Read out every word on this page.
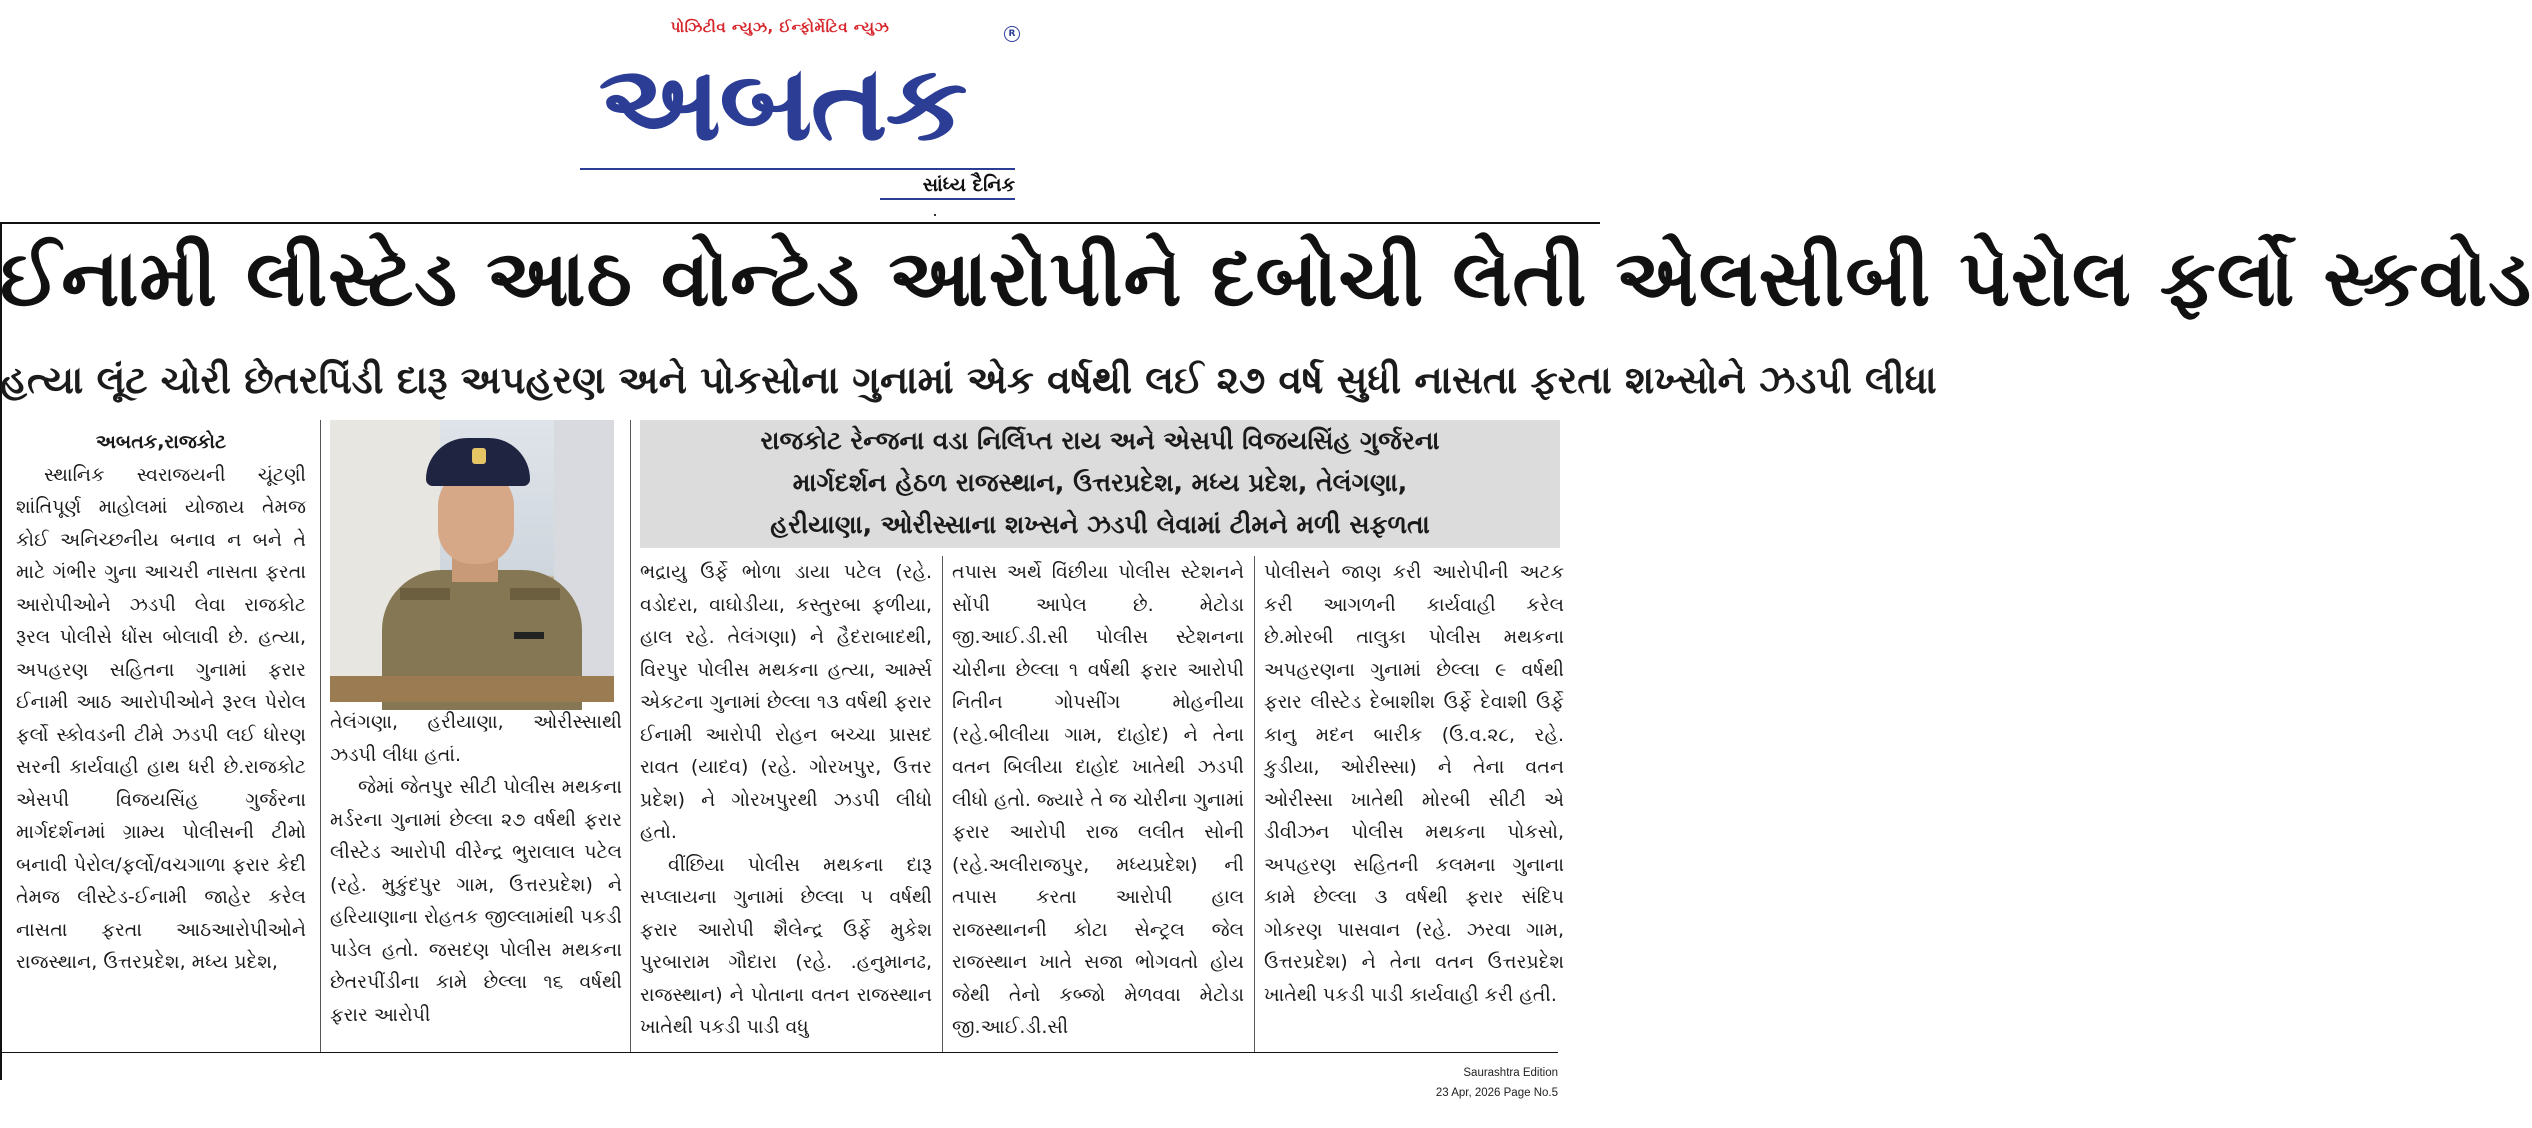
પોઝિટીવ ન્યુઝ, ઈન્ફોર્મેટિવ ન્યુઝ
અબતક
R
સાંધ્ય દૈનિક
ઈનામી લીસ્ટેડ આઠ વોન્ટેડ આરોપીને દબોચી લેતી એલસીબી પેરોલ ફર્લો સ્કવોડ
હત્યા લૂંટ ચોરી છેતરપિંડી દારૂ અપહરણ અને પોકસોના ગુનામાં એક વર્ષથી લઈ ૨૭ વર્ષ સુધી નાસતા ફરતા શખ્સોને ઝડપી લીધા
અબતક,રાજકોટ
સ્થાનિક સ્વરાજયની ચૂંટણી શાંતિપૂર્ણ માહોલમાં યોજાય તેમજ કોઈ અનિચ્છનીય બનાવ ન બને તે માટે ગંભીર ગુના આચરી નાસતા ફરતા આરોપીઓને ઝડપી લેવા રાજકોટ રૂરલ પોલીસે ધોંસ બોલાવી છે. હત્યા, અપહરણ સહિતના ગુનામાં ફરાર ઈનામી આઠ આરોપીઓને રૂરલ પેરોલ ફર્લો સ્કોવડની ટીમે ઝડપી લઈ ધોરણ સરની કાર્યવાહી હાથ ધરી છે.રાજકોટ એસપી વિજયસિંહ ગુર્જરના માર્ગદર્શનમાં ગ્રામ્ય પોલીસની ટીમો બનાવી પેરોલ/ફર્લો/વચગાળા ફરાર કેદી તેમજ લીસ્ટેડ-ઈનામી જાહેર કરેલ નાસતા ફરતા આઠઆરોપીઓને રાજસ્થાન, ઉત્તરપ્રદેશ, મધ્ય પ્રદેશ,
તેલંગણા, હરીયાણા, ઓરીસ્સાથી ઝડપી લીધા હતાં.
જેમાં જેતપુર સીટી પોલીસ મથકના મર્ડરના ગુનામાં છેલ્લા ૨૭ વર્ષથી ફરાર લીસ્ટેડ આરોપી વીરેન્દ્ર ભુરાલાલ પટેલ (રહે. મુકુંદપુર ગામ, ઉત્તરપ્રદેશ) ને હરિયાણાના રોહતક જીલ્લામાંથી પકડી પાડેલ હતો. જસદણ પોલીસ મથકના છેતરપીંડીના કામે છેલ્લા ૧૬ વર્ષથી ફરાર આરોપી
રાજકોટ રેન્જના વડા નિર્લિપ્ત રાય અને એસપી વિજયસિંહ ગુર્જરના
માર્ગદર્શન હેઠળ રાજસ્થાન, ઉત્તરપ્રદેશ, મધ્ય પ્રદેશ, તેલંગણા,
હરીયાણા, ઓરીસ્સાના શખ્સને ઝડપી લેવામાં ટીમને મળી સફળતા
ભદ્રાયુ ઉર્ફે ભોળા ડાયા પટેલ (રહે. વડોદરા, વાઘોડીયા, કસ્તુરબા ફળીયા, હાલ રહે. તેલંગણા) ને હૈદરાબાદથી, વિરપુર પોલીસ મથકના હત્યા, આર્મ્સ એકટના ગુનામાં છેલ્લા ૧૩ વર્ષથી ફરાર ઈનામી આરોપી રોહન બચ્ચા પ્રાસદ રાવત (યાદવ) (રહે. ગોરખપુર, ઉત્તર પ્રદેશ) ને ગોરખપુરથી ઝડપી લીધો હતો.
વીંછિયા પોલીસ મથકના દારૂ સપ્લાયના ગુનામાં છેલ્લા ૫ વર્ષથી ફરાર આરોપી શૈલેન્દ્ર ઉર્ફે મુકેશ પુરબારામ ગૌદારા (રહે. .હનુમાનઢ, રાજસ્થાન) ને પોતાના વતન રાજસ્થાન ખાતેથી પકડી પાડી વધુ
તપાસ અર્થે વિંછીયા પોલીસ સ્ટેશનને સોંપી આપેલ છે. મેટોડા જી.આઈ.ડી.સી પોલીસ સ્ટેશનના ચોરીના છેલ્લા ૧ વર્ષથી ફરાર આરોપી નિતીન ગોપસીંગ મોહનીયા (રહે.બીલીયા ગામ, દાહોદ) ને તેના વતન બિલીયા દાહોદ ખાતેથી ઝડપી લીધો હતો. જ્યારે તે જ ચોરીના ગુનામાં ફરાર આરોપી રાજ લલીત સોની (રહે.અલીરાજપુર, મધ્યપ્રદેશ) ની તપાસ કરતા આરોપી હાલ રાજસ્થાનની કોટા સેન્ટ્રલ જેલ રાજસ્થાન ખાતે સજા ભોગવતો હોય જેથી તેનો કબ્જો મેળવવા મેટોડા જી.આઈ.ડી.સી
પોલીસને જાણ કરી આરોપીની અટક કરી આગળની કાર્યવાહી કરેલ છે.મોરબી તાલુકા પોલીસ મથકના અપહરણના ગુનામાં છેલ્લા ૯ વર્ષથી ફરાર લીસ્ટેડ દેબાશીશ ઉર્ફે દેવાશી ઉર્ફે કાનુ મદન બારીક (ઉ.વ.૨૮, રહે. કુડીયા, ઓરીસ્સા) ને તેના વતન ઓરીસ્સા ખાતેથી મોરબી સીટી એ ડીવીઝન પોલીસ મથકના પોકસો, અપહરણ સહિતની કલમના ગુનાના કામે છેલ્લા ૩ વર્ષથી ફરાર સંદિપ ગોકરણ પાસવાન (રહે. ઝરવા ગામ, ઉત્તરપ્રદેશ) ને તેના વતન ઉત્તરપ્રદેશ ખાતેથી પકડી પાડી કાર્યવાહી કરી હતી.
Saurashtra Edition
23 Apr, 2026 Page No.5
